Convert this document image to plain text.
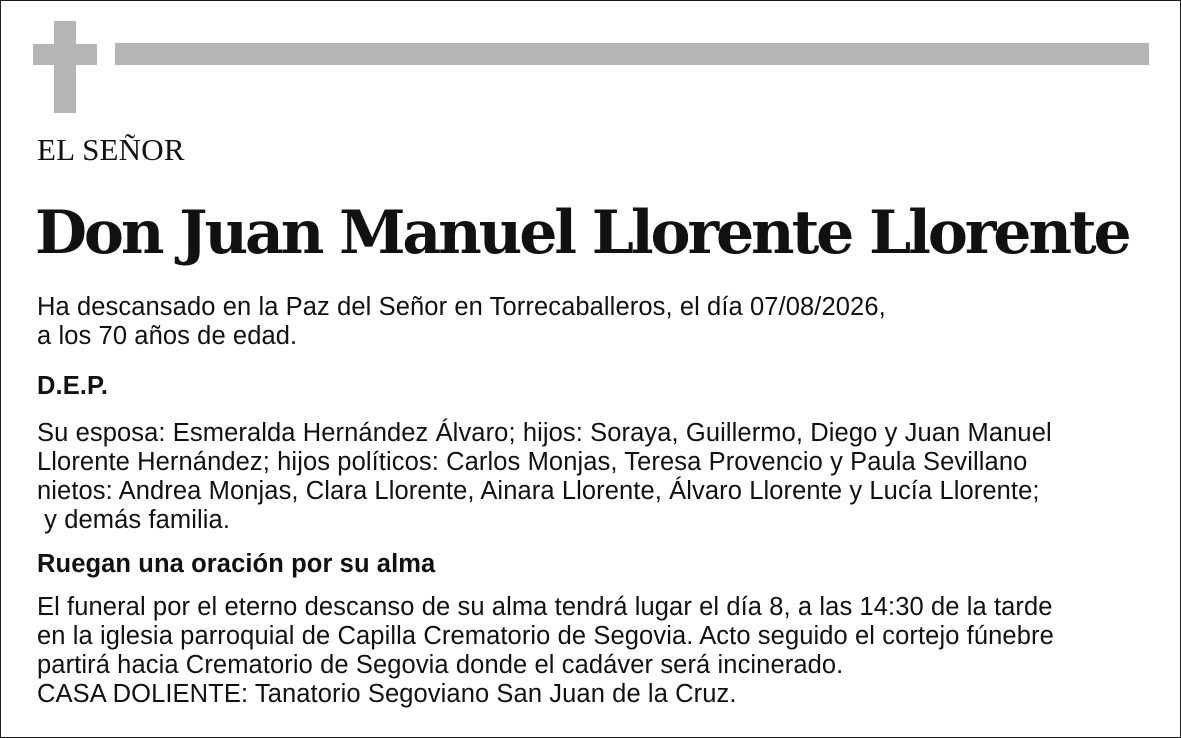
EL SEÑOR
Don Juan Manuel Llorente Llorente
Ha descansado en la Paz del Señor en Torrecaballeros, el día 07/08/2026,
a los 70 años de edad.
D.E.P.
Su esposa: Esmeralda Hernández Álvaro; hijos: Soraya, Guillermo, Diego y Juan Manuel
Llorente Hernández; hijos políticos: Carlos Monjas, Teresa Provencio y Paula Sevillano
nietos: Andrea Monjas, Clara Llorente, Ainara Llorente, Álvaro Llorente y Lucía Llorente;
y demás familia.
Ruegan una oración por su alma
El funeral por el eterno descanso de su alma tendrá lugar el día 8, a las 14:30 de la tarde
en la iglesia parroquial de Capilla Crematorio de Segovia. Acto seguido el cortejo fúnebre
partirá hacia Crematorio de Segovia donde el cadáver será incinerado.
CASA DOLIENTE: Tanatorio Segoviano San Juan de la Cruz.
